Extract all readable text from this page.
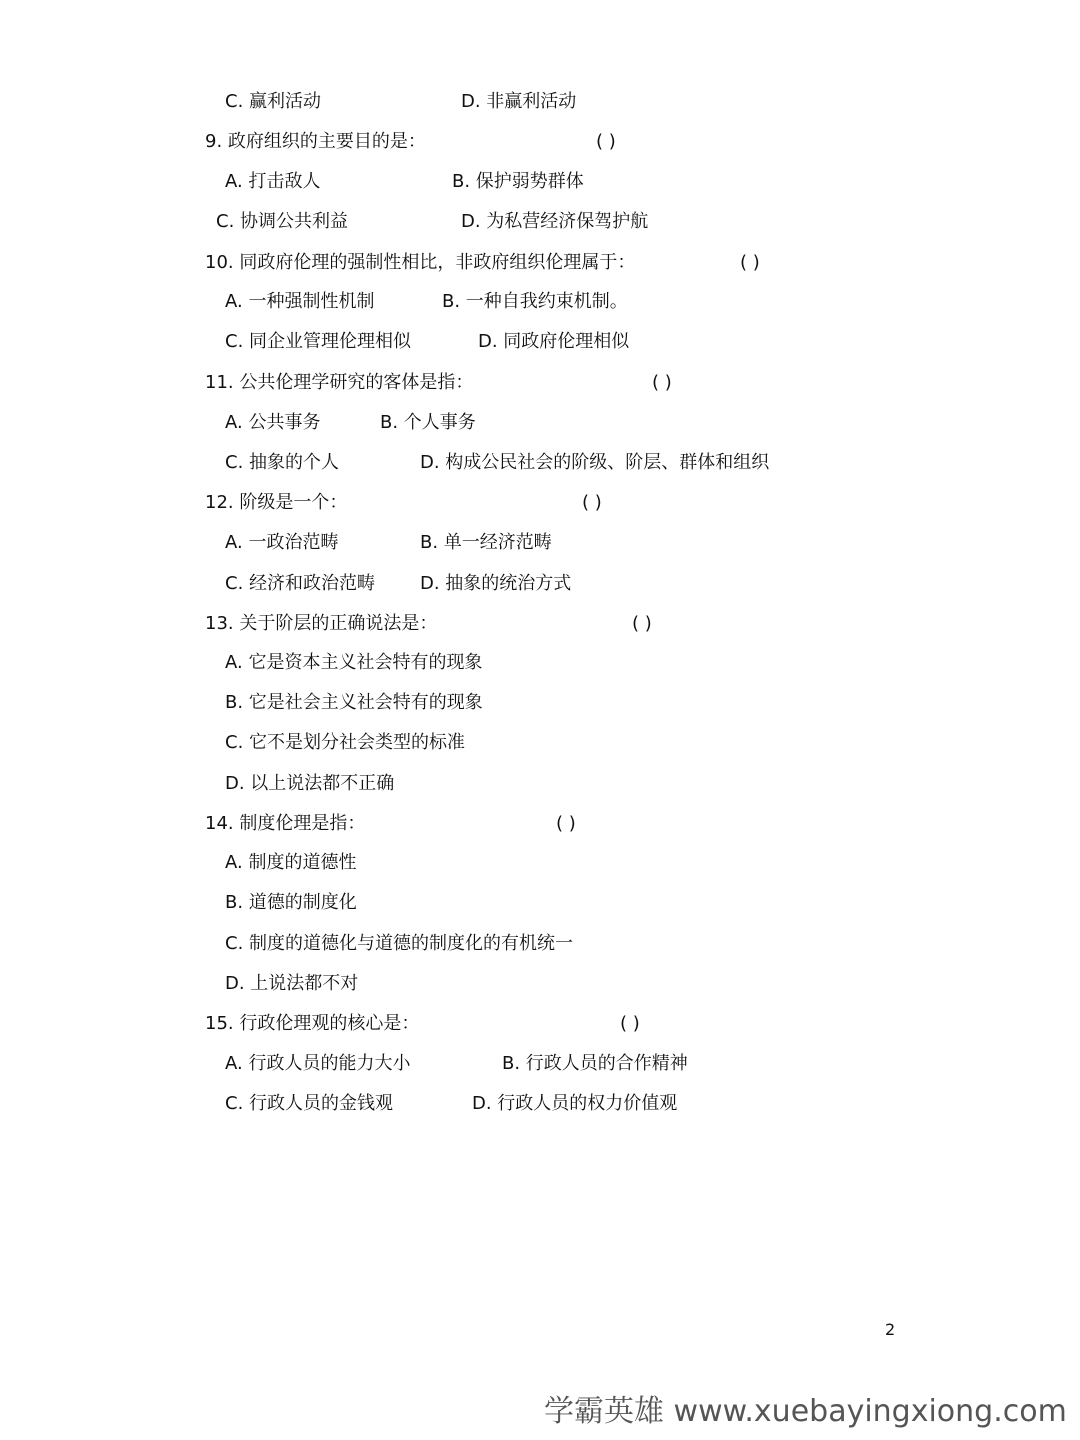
C. 赢利活动	D. 非赢利活动
9. 政府组织的主要目的是：	( )
A. 打击敌人	B. 保护弱势群体
C. 协调公共利益	D. 为私营经济保驾护航
10. 同政府伦理的强制性相比，非政府组织伦理属于：	( )
A. 一种强制性机制	B. 一种自我约束机制。
C. 同企业管理伦理相似	D. 同政府伦理相似
11. 公共伦理学研究的客体是指：	( )
A. 公共事务	B. 个人事务
C. 抽象的个人	D. 构成公民社会的阶级、阶层、群体和组织
12. 阶级是一个：	( )
A. 一政治范畴	B. 单一经济范畴
C. 经济和政治范畴 D. 抽象的统治方式
13. 关于阶层的正确说法是：	( )
A. 它是资本主义社会特有的现象
B. 它是社会主义社会特有的现象
C. 它不是划分社会类型的标准
D. 以上说法都不正确
14. 制度伦理是指：	( )
A. 制度的道德性
B. 道德的制度化
C. 制度的道德化与道德的制度化的有机统一
D. 上说法都不对
15. 行政伦理观的核心是：	( )
A. 行政人员的能力大小	B. 行政人员的合作精神
C. 行政人员的金钱观	D. 行政人员的权力价值观
2
学霸英雄 www.xuebayingxiong.com
